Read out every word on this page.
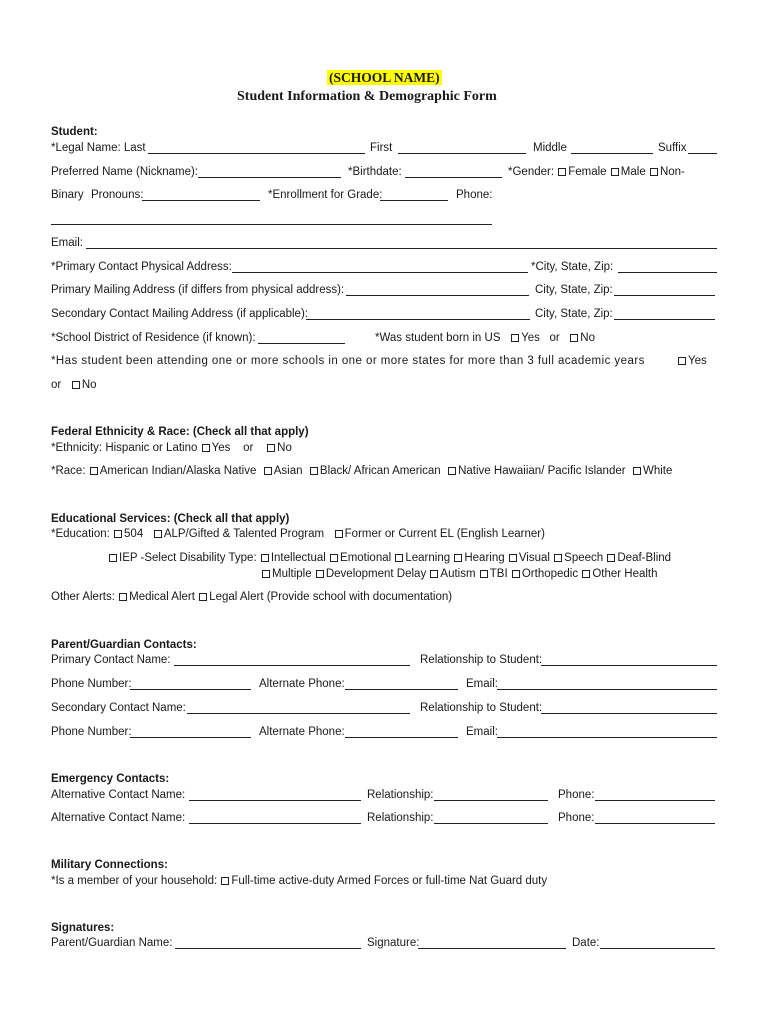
(SCHOOL NAME)
Student Information & Demographic Form
Student:
*Legal Name: Last	First	Middle	Suffix
Preferred Name (Nickname):	*Birthdate:	*Gender: Female Male Non-
Binary Pronouns:	*Enrollment for Grade:	Phone:
Email:
*Primary Contact Physical Address:	*City, State, Zip:
Primary Mailing Address (if differs from physical address):	City, State, Zip:
Secondary Contact Mailing Address (if applicable):	City, State, Zip:
*School District of Residence (if known):	*Was student born in US Yes or No
*Has student been attending one or more schools in one or more states for more than 3 full academic years	Yes
or No
Federal Ethnicity & Race: (Check all that apply)
*Ethnicity: Hispanic or Latino Yes or No
*Race: American Indian/Alaska Native Asian Black/ African American Native Hawaiian/ Pacific Islander White
Educational Services: (Check all that apply)
*Education: 504 ALP/Gifted & Talented Program Former or Current EL (English Learner)
IEP -Select Disability Type: Intellectual Emotional Learning Hearing Visual Speech Deaf-Blind
Multiple Development Delay Autism TBI Orthopedic Other Health
Other Alerts: Medical Alert Legal Alert (Provide school with documentation)
Parent/Guardian Contacts:
Primary Contact Name:	Relationship to Student:
Phone Number:	Alternate Phone:	Email:
Secondary Contact Name:	Relationship to Student:
Phone Number:	Alternate Phone:	Email:
Emergency Contacts:
Alternative Contact Name:	Relationship:	Phone:
Alternative Contact Name:	Relationship:	Phone:
Military Connections:
*Is a member of your household: Full-time active-duty Armed Forces or full-time Nat Guard duty
Signatures:
Parent/Guardian Name:	Signature:	Date:
